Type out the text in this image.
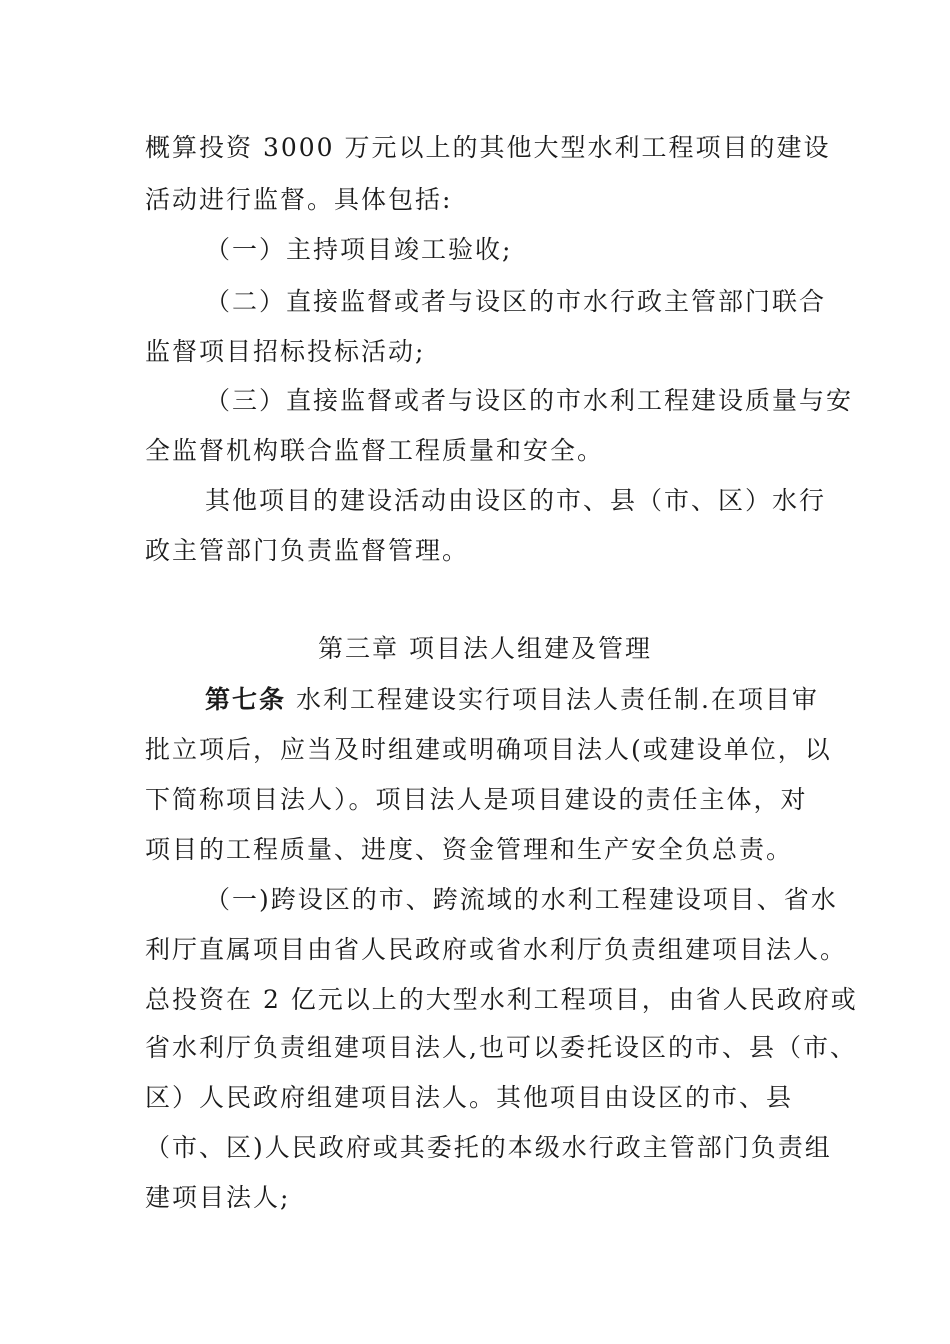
概算投资 3000 万元以上的其他大型水利工程项目的建设
活动进行监督。具体包括:
（一）主持项目竣工验收;
（二）直接监督或者与设区的市水行政主管部门联合
监督项目招标投标活动;
（三）直接监督或者与设区的市水利工程建设质量与安
全监督机构联合监督工程质量和安全。
其他项目的建设活动由设区的市、县（市、区）水行
政主管部门负责监督管理。
第三章 项目法人组建及管理
第七条 水利工程建设实行项目法人责任制.在项目审
批立项后，应当及时组建或明确项目法人(或建设单位，以
下简称项目法人）。项目法人是项目建设的责任主体，对
项目的工程质量、进度、资金管理和生产安全负总责。
（一)跨设区的市、跨流域的水利工程建设项目、省水
利厅直属项目由省人民政府或省水利厅负责组建项目法人。
总投资在 2 亿元以上的大型水利工程项目，由省人民政府或
省水利厅负责组建项目法人,也可以委托设区的市、县（市、
区）人民政府组建项目法人。其他项目由设区的市、县
（市、区)人民政府或其委托的本级水行政主管部门负责组
建项目法人;
